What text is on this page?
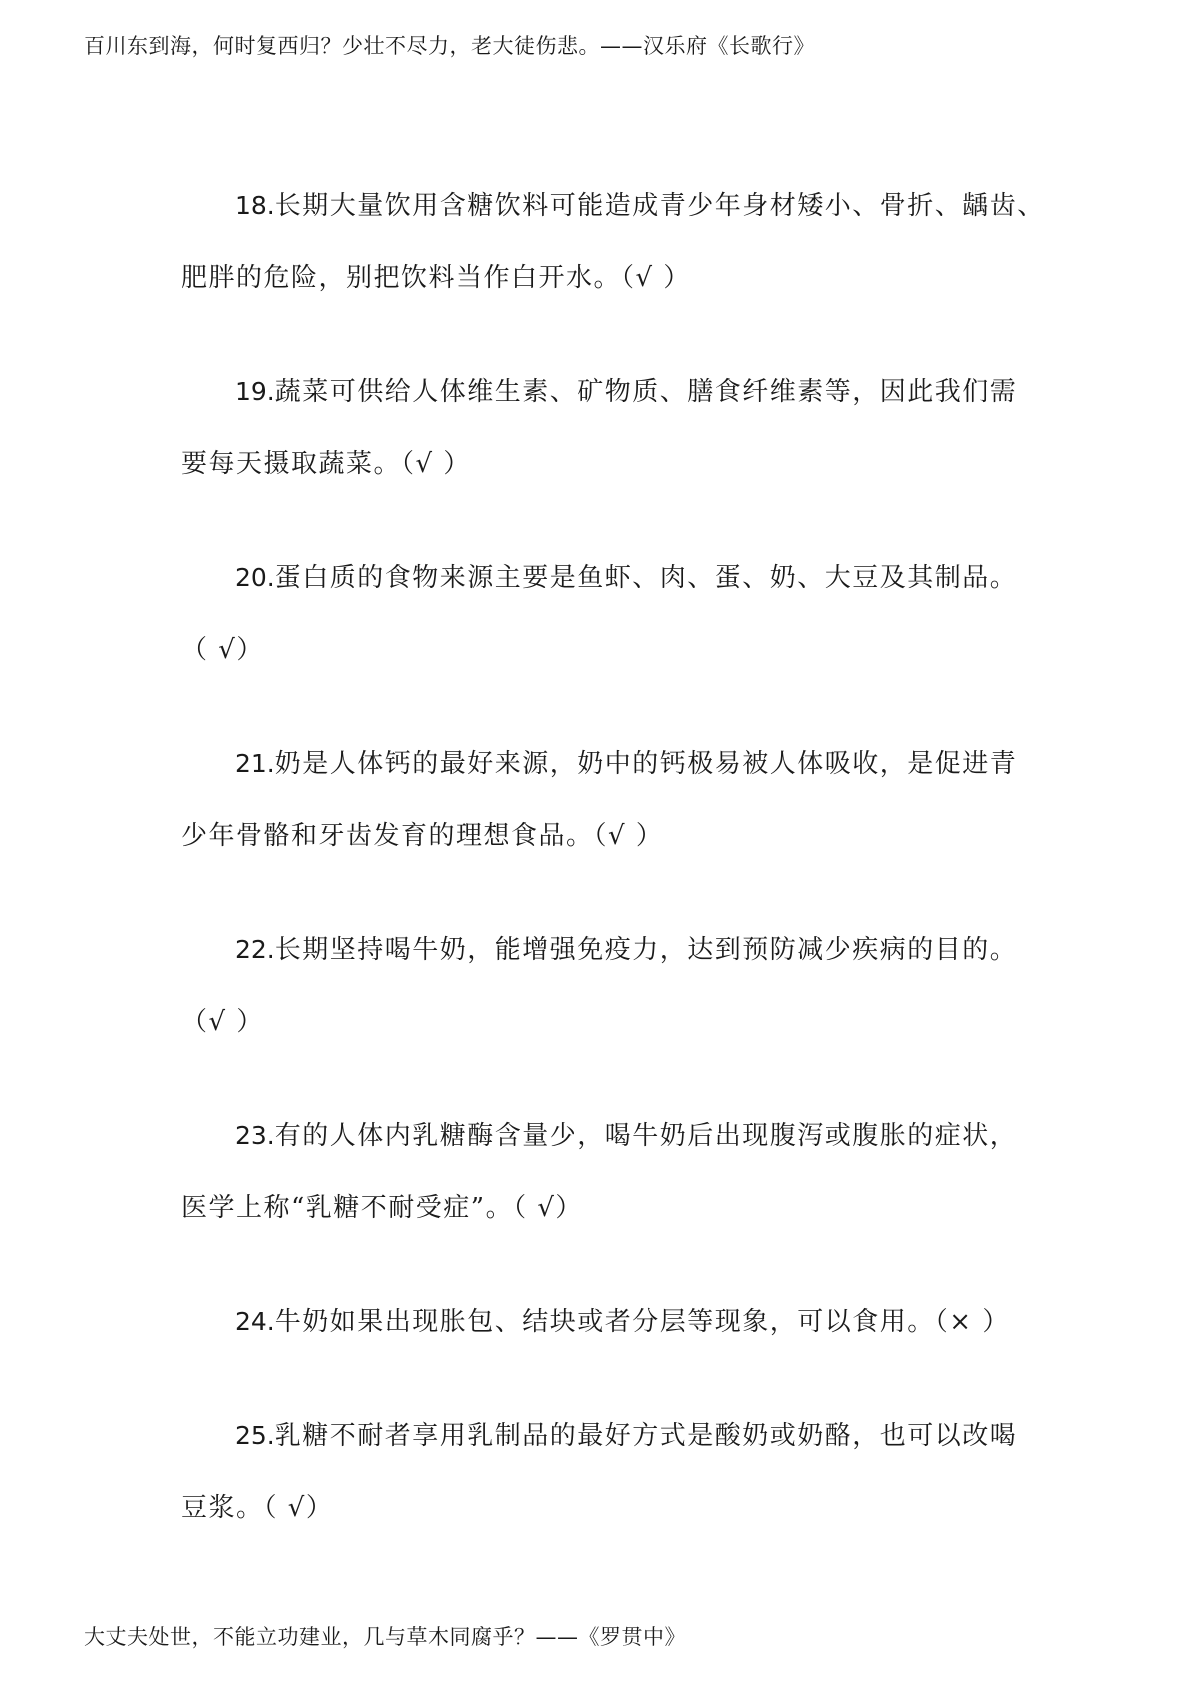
百川东到海，何时复西归？少壮不尽力，老大徒伤悲。——汉乐府《长歌行》
18.长期大量饮用含糖饮料可能造成青少年身材矮小、骨折、龋齿、
肥胖的危险，别把饮料当作白开水。（√ ）
19.蔬菜可供给人体维生素、矿物质、膳食纤维素等，因此我们需
要每天摄取蔬菜。（√ ）
20.蛋白质的食物来源主要是鱼虾、肉、蛋、奶、大豆及其制品。
（ √）
21.奶是人体钙的最好来源，奶中的钙极易被人体吸收，是促进青
少年骨骼和牙齿发育的理想食品。（√ ）
22.长期坚持喝牛奶，能增强免疫力，达到预防减少疾病的目的。
（√ ）
23.有的人体内乳糖酶含量少，喝牛奶后出现腹泻或腹胀的症状，
医学上称“乳糖不耐受症”。（ √）
24.牛奶如果出现胀包、结块或者分层等现象，可以食用。（× ）
25.乳糖不耐者享用乳制品的最好方式是酸奶或奶酪，也可以改喝
豆浆。（ √）
大丈夫处世，不能立功建业，几与草木同腐乎？——《罗贯中》
